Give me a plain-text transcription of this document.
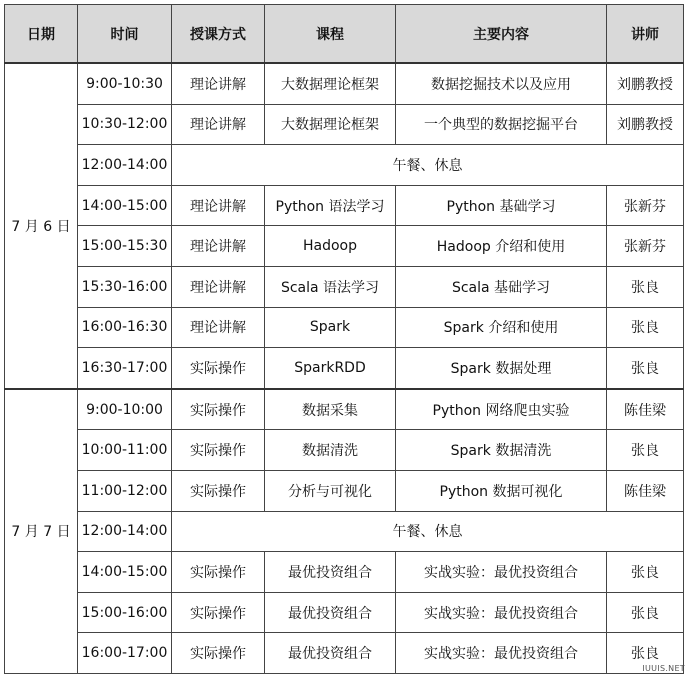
日期	时间	授课方式	课程	主要内容	讲师
7 月 6 日	9:00-10:30	理论讲解	大数据理论框架	数据挖掘技术以及应用	刘鹏教授
	10:30-12:00	理论讲解	大数据理论框架	一个典型的数据挖掘平台	刘鹏教授
	12:00-14:00	午餐、休息			
	14:00-15:00	理论讲解	Python 语法学习	Python 基础学习	张新芬
	15:00-15:30	理论讲解	Hadoop	Hadoop 介绍和使用	张新芬
	15:30-16:00	理论讲解	Scala 语法学习	Scala 基础学习	张良
	16:00-16:30	理论讲解	Spark	Spark 介绍和使用	张良
	16:30-17:00	实际操作	SparkRDD	Spark 数据处理	张良
7 月 7 日	9:00-10:00	实际操作	数据采集	Python 网络爬虫实验	陈佳梁
	10:00-11:00	实际操作	数据清洗	Spark 数据清洗	张良
	11:00-12:00	实际操作	分析与可视化	Python 数据可视化	陈佳梁
	12:00-14:00	午餐、休息			
	14:00-15:00	实际操作	最优投资组合	实战实验：最优投资组合	张良
	15:00-16:00	实际操作	最优投资组合	实战实验：最优投资组合	张良
	16:00-17:00	实际操作	最优投资组合	实战实验：最优投资组合	张良
IUUIS.NET
